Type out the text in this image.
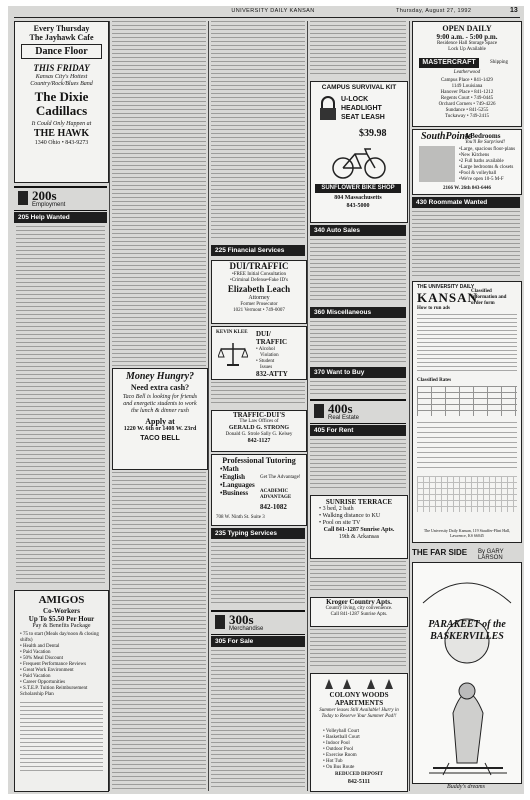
UNIVERSITY DAILY KANSAN	Thursday, August 27, 1992	13
Every Thursday
The Jayhawk Cafe
Dance Floor
THIS FRIDAY
Kansas City's Hottest
Country/Rock/Blues Band
The Dixie
Cadillacs
It Could Only Happen at
THE HAWK
1340 Ohio • 843-9273
200s
Employment
205 Help Wanted
AMIGOS
Co-Workers
Up To $5.50 Per Hour
Pay & Benefits Package
• 75 to start (Meals day/noon & closing shifts)
• Health and Dental
• Paid Vacation
• 50% Meal Discount
• Frequent Performance Reviews
• Great Work Environment
• Paid Vacation
• Career Opportunities
• S.T.E.P. Tuition Reimbursement Scholarship Plan
Money Hungry?
Need extra cash?
Taco Bell is looking for friends and energetic students to work the lunch & dinner rush
Apply at
1220 W. 6th or 1408 W. 23rd
TACO BELL
225 Financial Services
DUI/TRAFFIC
•FREE Initial Consultation
•Criminal Defense•Fake ID's
Elizabeth Leach
Attorney
Former Prosecutor
1021 Vermont • 749-0007
KEVIN KLEE DUI/
TRAFFIC
• Alcohol
Violation
• Student
Issues
832-ATTY
TRAFFIC-DUI'S
The Law Offices of
GERALD G. STRONG
Donald G. Strole Sally G. Kelsey
842-1127
Professional Tutoring
•Math
•English
•Languages
•Business
Get The Advantage!
ACADEMIC ADVANTAGE
842-1082
708 W. Ninth St. Suite 3
235 Typing Services
300s
Merchandise
305 For Sale
CAMPUS SURVIVAL KIT
U-LOCK
HEADLIGHT
SEAT LEASH
$39.98
SUNFLOWER BIKE SHOP
804 Massachusetts
843-5000
340 Auto Sales
360 Miscellaneous
370 Want to Buy
400s
Real Estate
405 For Rent
SUNRISE TERRACE
• 3 bed, 2 bath
• Walking distance to KU
• Pool on site TV
Call 841-1287 Sunrise Apts.
19th & Arkansas
Kroger Country Apts.
Country living, city convenience.
Call 841-1287 Sunrise Apts.
COLONY WOODS APARTMENTS
Summer leases Still Available! Hurry in Today to Reserve Your Summer Pad!!
• Volleyball Court
• Basketball Court
• Indoor Pool
• Outdoor Pool
• Exercise Room
• Hot Tub
• On Bus Route
REDUCED DEPOSIT
842-5111
OPEN DAILY
9:00 a.m. - 5:00 p.m.
Residence Hall Storage Space
Lock Up Available
MASTERCRAFT	Shipping
Leatherwood
Campus Place • 841-1429
1149 Louisiana
Hanover Place • 841-1212
Regents Court • 749-0445
Orchard Corners • 749-4226
Sundance • 841-5255
Tuckaway • 749-2415
SouthPointe
4 Bedrooms
You'll Be Surprised!
•Large, spacious floor-plans
•New Kitchens
•2 Full baths available
•Large bedrooms & closets
•Pool & volleyball
•We're open 10-5 M-F
2166 W. 26th 843-6446
430 Roommate Wanted
THE UNIVERSITY DAILY
KANSAN
Classified Information and order form
How to run ads
Classified Rates
The University Daily Kansan, 119 Stauffer-Flint Hall, Lawrence, KS 66045
THE FAR SIDE By GARY LARSON
PARAKEET of the BASKERVILLES
Buddy's dreams
